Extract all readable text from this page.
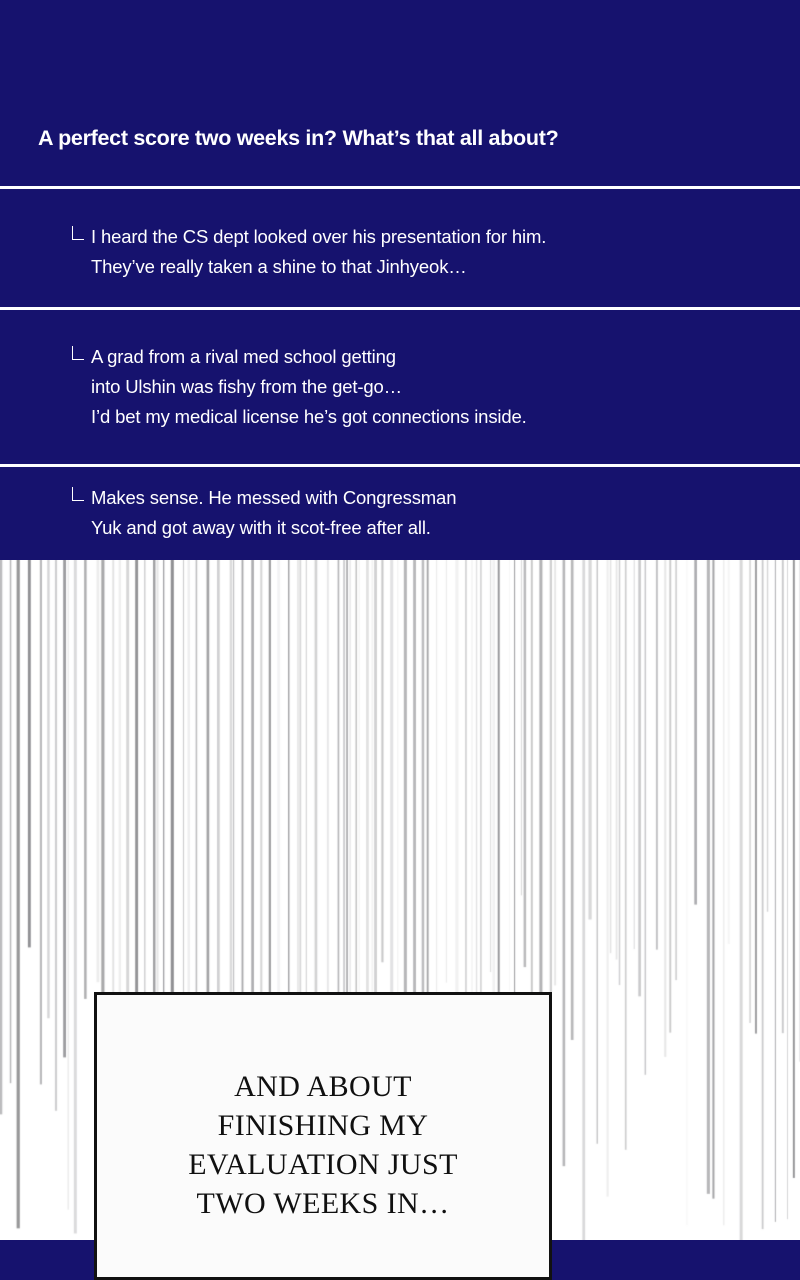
A perfect score two weeks in? What’s that all about?
I heard the CS dept looked over his presentation for him.
They’ve really taken a shine to that Jinhyeok…
A grad from a rival med school getting
into Ulshin was fishy from the get-go…
I’d bet my medical license he’s got connections inside.
Makes sense. He messed with Congressman
Yuk and got away with it scot-free after all.
AND ABOUT
FINISHING MY
EVALUATION JUST
TWO WEEKS IN…
